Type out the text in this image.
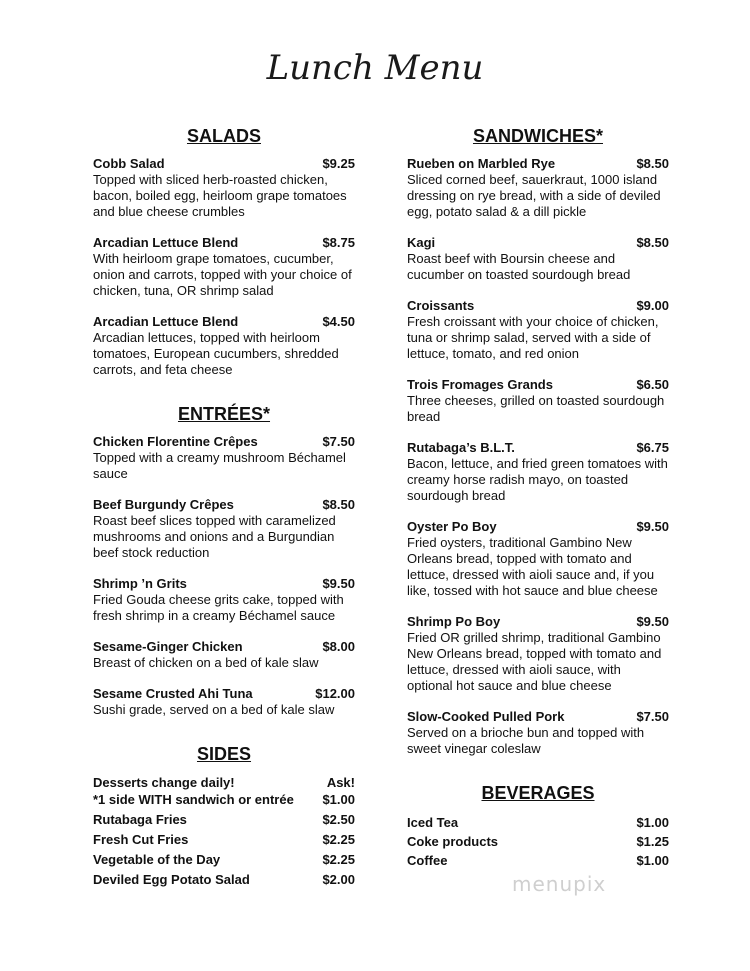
Lunch Menu
SALADS
Cobb Salad	$9.25
Topped with sliced herb-roasted chicken, bacon, boiled egg, heirloom grape tomatoes and blue cheese crumbles
Arcadian Lettuce Blend	$8.75
With heirloom grape tomatoes, cucumber, onion and carrots, topped with your choice of chicken, tuna, OR shrimp salad
Arcadian Lettuce Blend	$4.50
Arcadian lettuces, topped with heirloom tomatoes, European cucumbers, shredded carrots, and feta cheese
ENTRÉES*
Chicken Florentine Crêpes	$7.50
Topped with a creamy mushroom Béchamel sauce
Beef Burgundy Crêpes	$8.50
Roast beef slices topped with caramelized mushrooms and onions and a Burgundian beef stock reduction
Shrimp ’n Grits	$9.50
Fried Gouda cheese grits cake, topped with fresh shrimp in a creamy Béchamel sauce
Sesame-Ginger Chicken	$8.00
Breast of chicken on a bed of kale slaw
Sesame Crusted Ahi Tuna	$12.00
Sushi grade, served on a bed of kale slaw
SIDES
Desserts change daily!	Ask!
*1 side WITH sandwich or entrée $1.00
Rutabaga Fries	$2.50
Fresh Cut Fries	$2.25
Vegetable of the Day	$2.25
Deviled Egg Potato Salad	$2.00
SANDWICHES*
Rueben on Marbled Rye	$8.50
Sliced corned beef, sauerkraut, 1000 island dressing on rye bread, with a side of deviled egg, potato salad & a dill pickle
Kagi	$8.50
Roast beef with Boursin cheese and cucumber on toasted sourdough bread
Croissants	$9.00
Fresh croissant with your choice of chicken, tuna or shrimp salad, served with a side of lettuce, tomato, and red onion
Trois Fromages Grands	$6.50
Three cheeses, grilled on toasted sourdough bread
Rutabaga’s B.L.T.	$6.75
Bacon, lettuce, and fried green tomatoes with creamy horse radish mayo, on toasted sourdough bread
Oyster Po Boy	$9.50
Fried oysters, traditional Gambino New Orleans bread, topped with tomato and lettuce, dressed with aioli sauce and, if you like, tossed with hot sauce and blue cheese
Shrimp Po Boy	$9.50
Fried OR grilled shrimp, traditional Gambino New Orleans bread, topped with tomato and lettuce, dressed with aioli sauce, with optional hot sauce and blue cheese
Slow-Cooked Pulled Pork	$7.50
Served on a brioche bun and topped with sweet vinegar coleslaw
BEVERAGES
Iced Tea	$1.00
Coke products	$1.25
Coffee	$1.00
menupix
